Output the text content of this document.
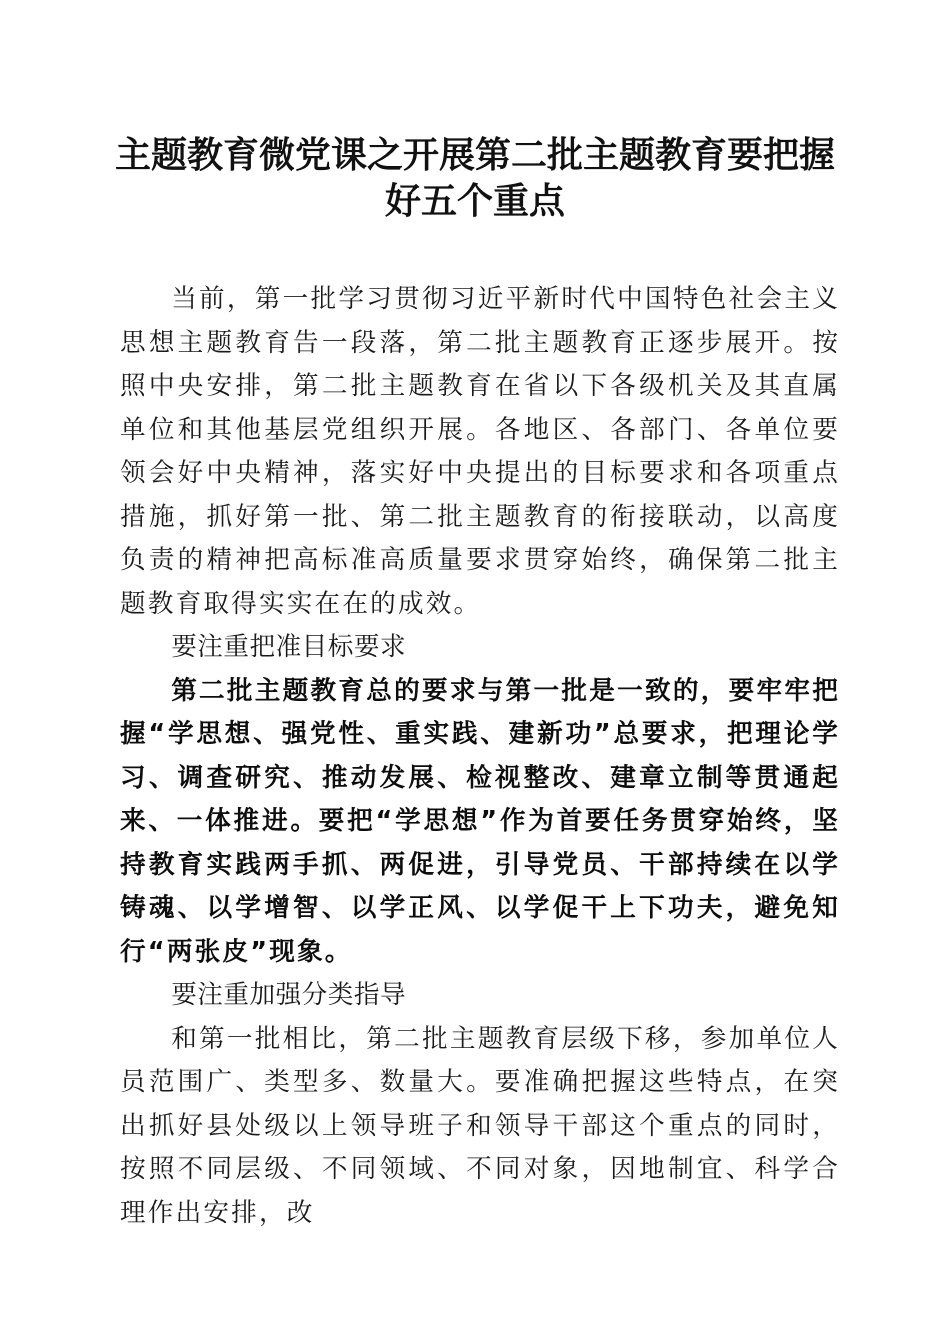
主题教育微党课之开展第二批主题教育要把握好五个重点

当前，第一批学习贯彻习近平新时代中国特色社会主义思想主题教育告一段落，第二批主题教育正逐步展开。按照中央安排，第二批主题教育在省以下各级机关及其直属单位和其他基层党组织开展。各地区、各部门、各单位要领会好中央精神，落实好中央提出的目标要求和各项重点措施，抓好第一批、第二批主题教育的衔接联动，以高度负责的精神把高标准高质量要求贯穿始终，确保第二批主题教育取得实实在在的成效。

要注重把准目标要求

第二批主题教育总的要求与第一批是一致的，要牢牢把握“学思想、强党性、重实践、建新功”总要求，把理论学习、调查研究、推动发展、检视整改、建章立制等贯通起来、一体推进。要把“学思想”作为首要任务贯穿始终，坚持教育实践两手抓、两促进，引导党员、干部持续在以学铸魂、以学增智、以学正风、以学促干上下功夫，避免知行“两张皮”现象。

要注重加强分类指导

和第一批相比，第二批主题教育层级下移，参加单位人员范围广、类型多、数量大。要准确把握这些特点，在突出抓好县处级以上领导班子和领导干部这个重点的同时，按照不同层级、不同领域、不同对象，因地制宜、科学合理作出安排，改
